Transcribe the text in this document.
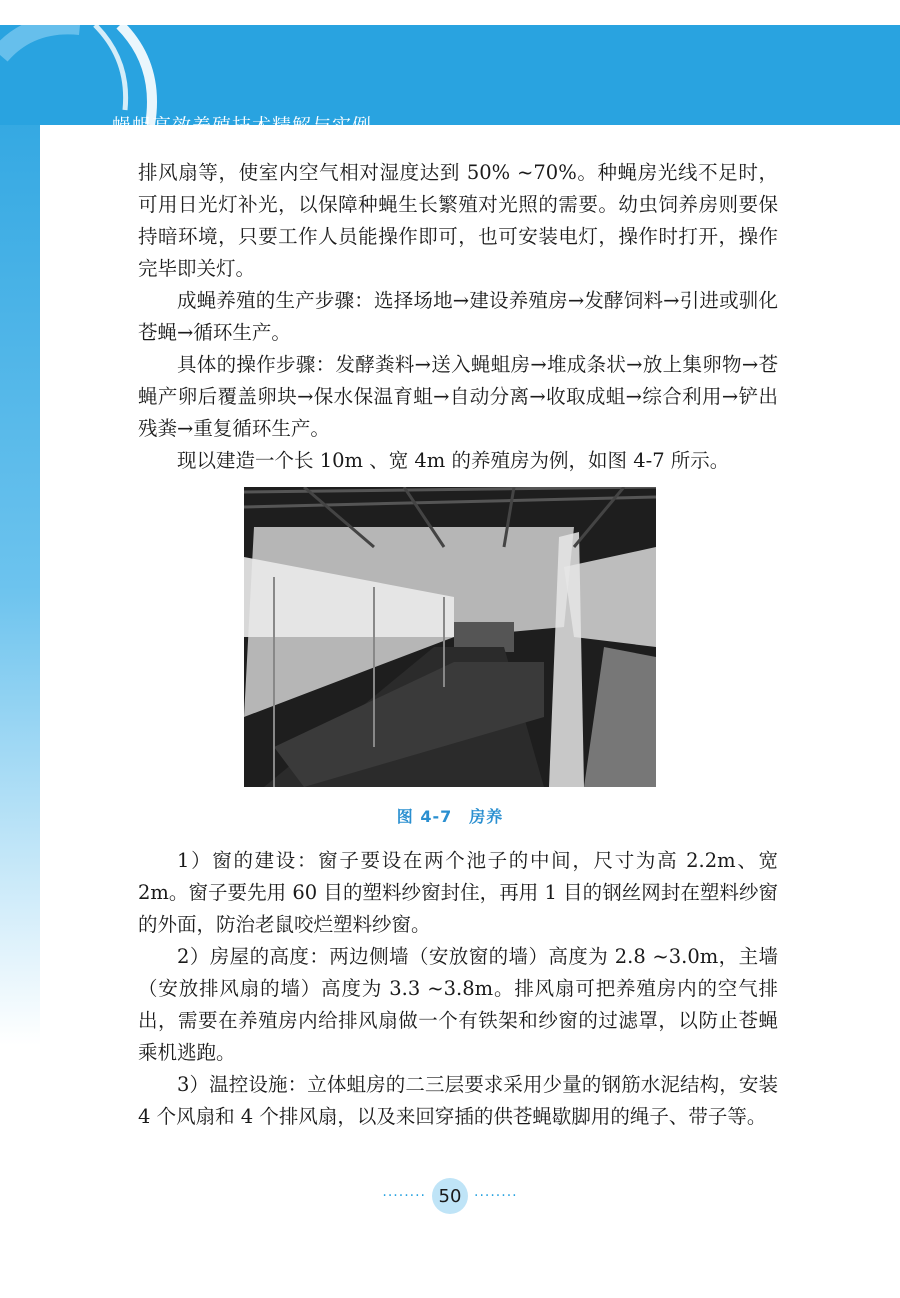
排风扇等，使室内空气相对湿度达到 50% ~70%。种蝇房光线不足时，可用日光灯补光，以保障种蝇生长繁殖对光照的需要。幼虫饲养房则要保持暗环境，只要工作人员能操作即可，也可安装电灯，操作时打开，操作完毕即关灯。

成蝇养殖的生产步骤：选择场地→建设养殖房→发酵饲料→引进或驯化苍蝇→循环生产。

具体的操作步骤：发酵粪料→送入蝇蛆房→堆成条状→放上集卵物→苍蝇产卵后覆盖卵块→保水保温育蛆→自动分离→收取成蛆→综合利用→铲出残粪→重复循环生产。

现以建造一个长 10m 、宽 4m 的养殖房为例，如图 4-7 所示。

图 4-7　房养

1）窗的建设：窗子要设在两个池子的中间，尺寸为高 2.2m、宽 2m。窗子要先用 60 目的塑料纱窗封住，再用 1 目的钢丝网封在塑料纱窗的外面，防治老鼠咬烂塑料纱窗。

2）房屋的高度：两边侧墙（安放窗的墙）高度为 2.8 ~3.0m，主墙（安放排风扇的墙）高度为 3.3 ~3.8m。排风扇可把养殖房内的空气排出，需要在养殖房内给排风扇做一个有铁架和纱窗的过滤罩，以防止苍蝇乘机逃跑。

3）温控设施：立体蛆房的二三层要求采用少量的钢筋水泥结构，安装 4 个风扇和 4 个排风扇，以及来回穿插的供苍蝇歇脚用的绳子、带子等。

········ 50 ········
